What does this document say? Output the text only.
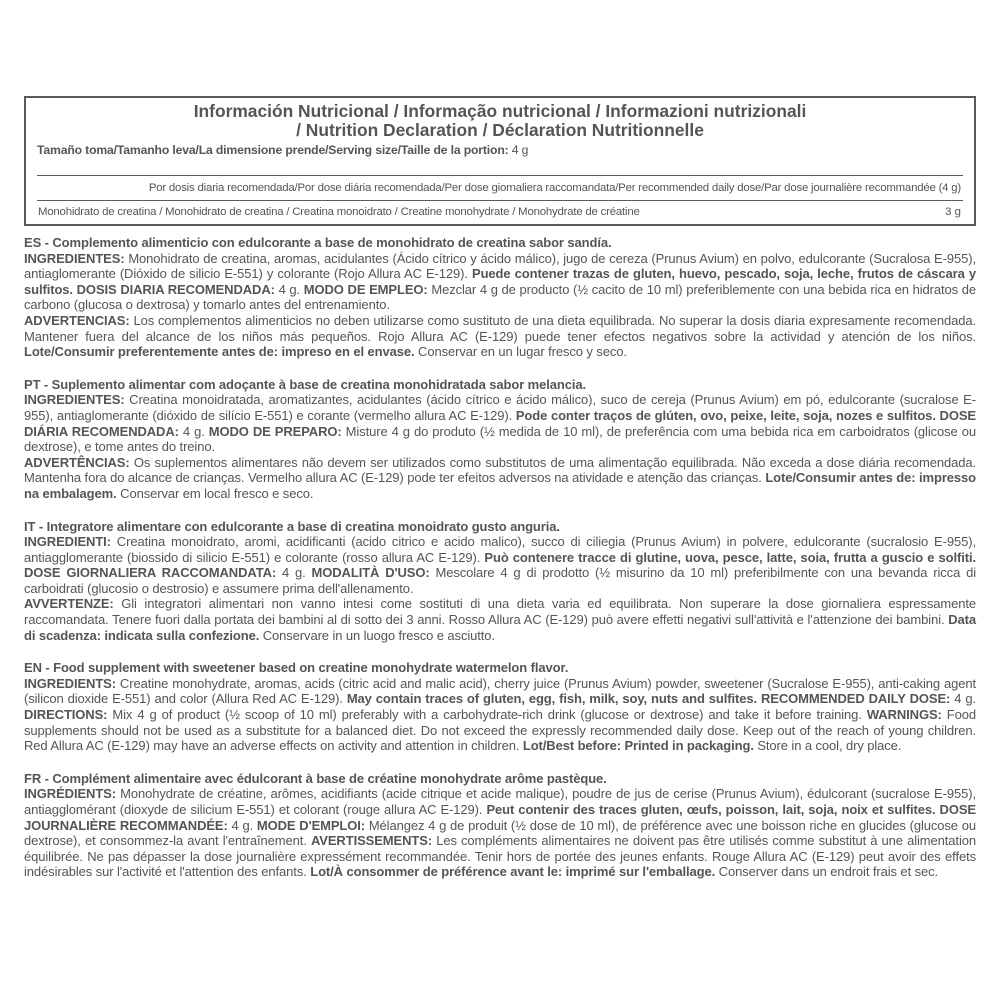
Información Nutricional / Informação nutricional / Informazioni nutrizionali
/ Nutrition Declaration / Déclaration Nutritionnelle
Tamaño toma/Tamanho leva/La dimensione prende/Serving size/Taille de la portion: 4 g
Por dosis diaria recomendada/Por dose diária recomendada/Per dose giornaliera raccomandata/Per recommended daily dose/Par dose journalière recommandée (4 g)
Monohidrato de creatina / Monohidrato de creatina / Creatina monoidrato / Creatine monohydrate / Monohydrate de créatine	3 g
ES - Complemento alimenticio con edulcorante a base de monohidrato de creatina sabor sandía.

INGREDIENTES: Monohidrato de creatina, aromas, acidulantes (Ácido cítrico y ácido málico), jugo de cereza (Prunus Avium) en polvo, edulcorante (Sucralosa E-955), antiaglomerante (Dióxido de silicio E-551) y colorante (Rojo Allura AC E-129). Puede contener trazas de gluten, huevo, pescado, soja, leche, frutos de cáscara y sulfitos. DOSIS DIARIA RECOMENDADA: 4 g. MODO DE EMPLEO: Mezclar 4 g de producto (½ cacito de 10 ml) preferiblemente con una bebida rica en hidratos de carbono (glucosa o dextrosa) y tomarlo antes del entrenamiento.

ADVERTENCIAS: Los complementos alimenticios no deben utilizarse como sustituto de una dieta equilibrada. No superar la dosis diaria expresamente recomendada. Mantener fuera del alcance de los niños más pequeños. Rojo Allura AC (E-129) puede tener efectos negativos sobre la actividad y atención de los niños. Lote/Consumir preferentemente antes de: impreso en el envase. Conservar en un lugar fresco y seco.

PT - Suplemento alimentar com adoçante à base de creatina monohidratada sabor melancia.

INGREDIENTES: Creatina monoidratada, aromatizantes, acidulantes (ácido cítrico e ácido málico), suco de cereja (Prunus Avium) em pó, edulcorante (sucralose E-955), antiaglomerante (dióxido de silício E-551) e corante (vermelho allura AC E-129). Pode conter traços de glúten, ovo, peixe, leite, soja, nozes e sulfitos. DOSE DIÁRIA RECOMENDADA: 4 g. MODO DE PREPARO: Misture 4 g do produto (½ medida de 10 ml), de preferência com uma bebida rica em carboidratos (glicose ou dextrose), e tome antes do treino.

ADVERTÊNCIAS: Os suplementos alimentares não devem ser utilizados como substitutos de uma alimentação equilibrada. Não exceda a dose diária recomendada. Mantenha fora do alcance de crianças. Vermelho allura AC (E-129) pode ter efeitos adversos na atividade e atenção das crianças. Lote/Consumir antes de: impresso na embalagem. Conservar em local fresco e seco.

IT - Integratore alimentare con edulcorante a base di creatina monoidrato gusto anguria.

INGREDIENTI: Creatina monoidrato, aromi, acidificanti (acido citrico e acido malico), succo di ciliegia (Prunus Avium) in polvere, edulcorante (sucralosio E-955), antiagglomerante (biossido di silicio E-551) e colorante (rosso allura AC E-129). Può contenere tracce di glutine, uova, pesce, latte, soia, frutta a guscio e solfiti. DOSE GIORNALIERA RACCOMANDATA: 4 g. MODALITÀ D'USO: Mescolare 4 g di prodotto (½ misurino da 10 ml) preferibilmente con una bevanda ricca di carboidrati (glucosio o destrosio) e assumere prima dell'allenamento.

AVVERTENZE: Gli integratori alimentari non vanno intesi come sostituti di una dieta varia ed equilibrata. Non superare la dose giornaliera espressamente raccomandata. Tenere fuori dalla portata dei bambini al di sotto dei 3 anni. Rosso Allura AC (E-129) può avere effetti negativi sull'attività e l'attenzione dei bambini. Data di scadenza: indicata sulla confezione. Conservare in un luogo fresco e asciutto.

EN - Food supplement with sweetener based on creatine monohydrate watermelon flavor.

INGREDIENTS: Creatine monohydrate, aromas, acids (citric acid and malic acid), cherry juice (Prunus Avium) powder, sweetener (Sucralose E-955), anti-caking agent (silicon dioxide E-551) and color (Allura Red AC E-129). May contain traces of gluten, egg, fish, milk, soy, nuts and sulfites. RECOMMENDED DAILY DOSE: 4 g. DIRECTIONS: Mix 4 g of product (½ scoop of 10 ml) preferably with a carbohydrate-rich drink (glucose or dextrose) and take it before training. WARNINGS: Food supplements should not be used as a substitute for a balanced diet. Do not exceed the expressly recommended daily dose. Keep out of the reach of young children. Red Allura AC (E-129) may have an adverse effects on activity and attention in children. Lot/Best before: Printed in packaging. Store in a cool, dry place.

FR - Complément alimentaire avec édulcorant à base de créatine monohydrate arôme pastèque.

INGRÉDIENTS: Monohydrate de créatine, arômes, acidifiants (acide citrique et acide malique), poudre de jus de cerise (Prunus Avium), édulcorant (sucralose E-955), antiagglomérant (dioxyde de silicium E-551) et colorant (rouge allura AC E-129). Peut contenir des traces gluten, œufs, poisson, lait, soja, noix et sulfites. DOSE JOURNALIÈRE RECOMMANDÉE: 4 g. MODE D'EMPLOI: Mélangez 4 g de produit (½ dose de 10 ml), de préférence avec une boisson riche en glucides (glucose ou dextrose), et consommez-la avant l'entraînement. AVERTISSEMENTS: Les compléments alimentaires ne doivent pas être utilisés comme substitut à une alimentation équilibrée. Ne pas dépasser la dose journalière expressément recommandée. Tenir hors de portée des jeunes enfants. Rouge Allura AC (E-129) peut avoir des effets indésirables sur l'activité et l'attention des enfants. Lot/À consommer de préférence avant le: imprimé sur l'emballage. Conserver dans un endroit frais et sec.
